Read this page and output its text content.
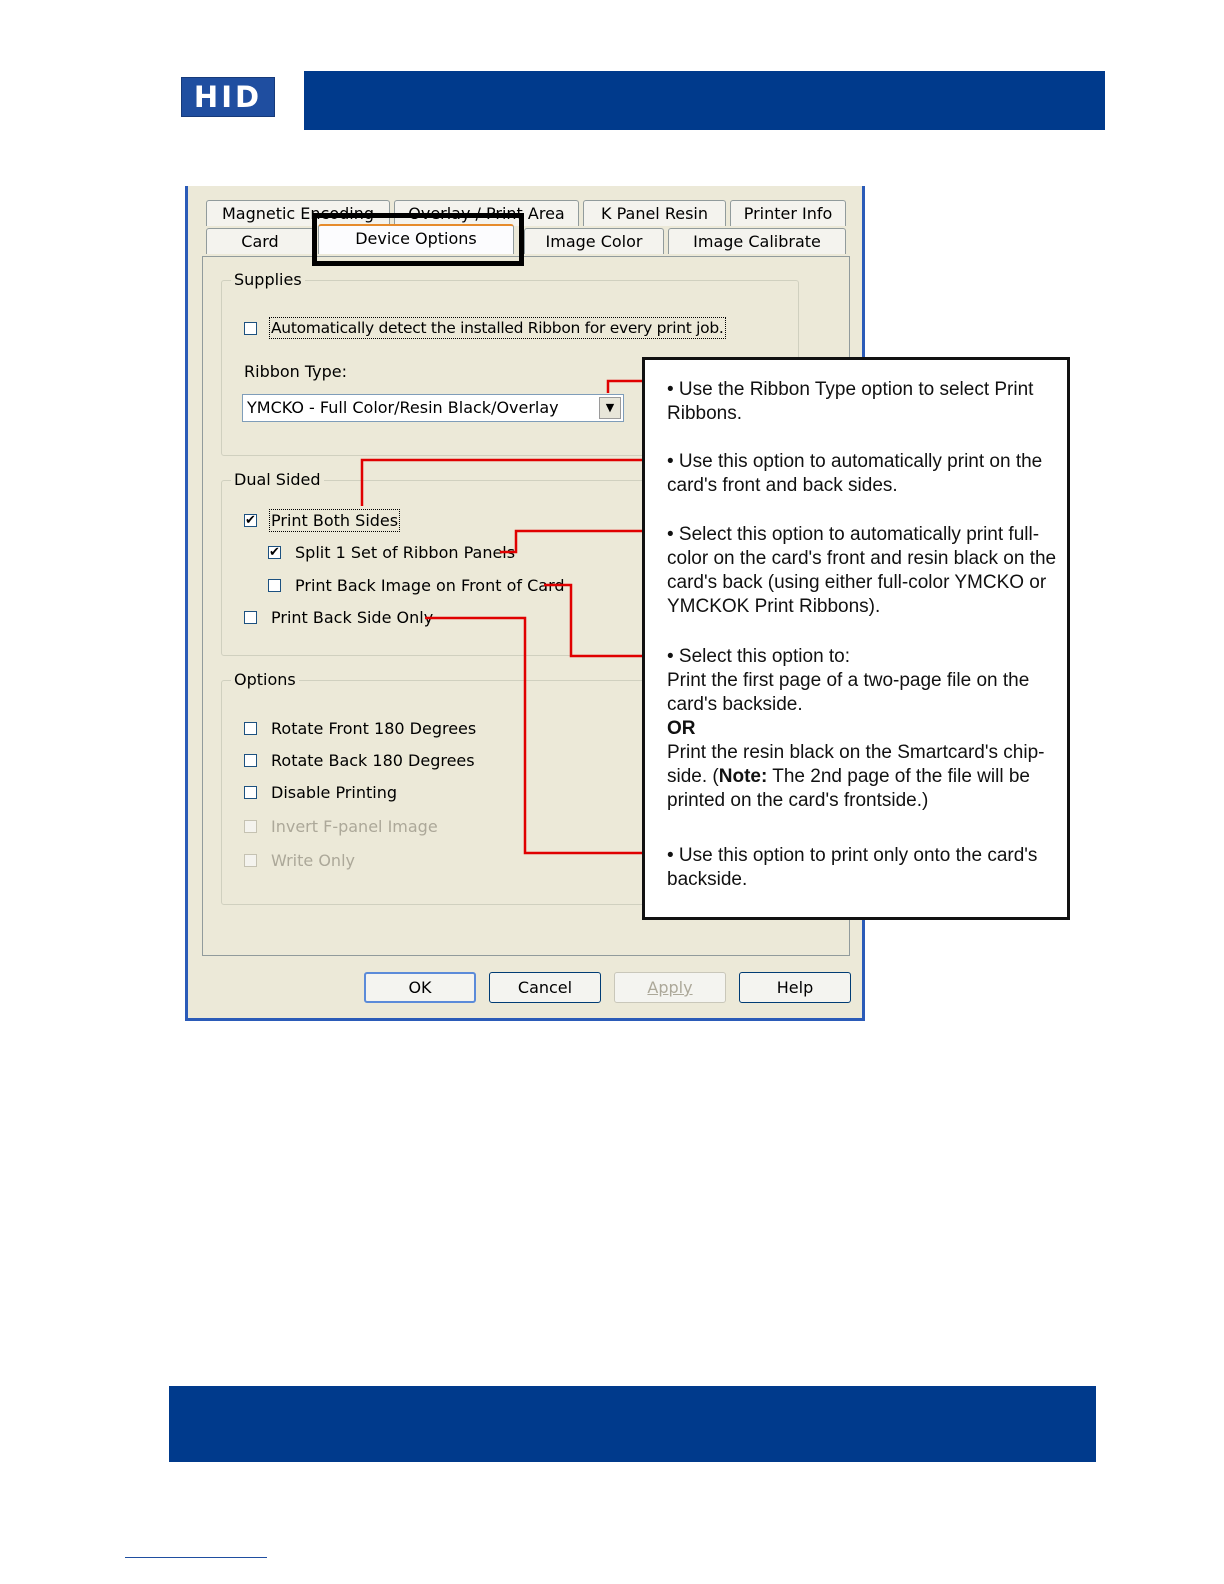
HID
Magnetic Encoding	Overlay / Print Area	K Panel Resin	Printer Info
Card	Device Options	Image Color	Image Calibrate
Supplies
Automatically detect the installed Ribbon for every print job.
Ribbon Type:
YMCKO - Full Color/Resin Black/Overlay	▼
Dual Sided
✔ Print Both Sides
✔ Split 1 Set of Ribbon Panels
Print Back Image on Front of Card
Print Back Side Only
Options
Rotate Front 180 Degrees
Rotate Back 180 Degrees
Disable Printing
Invert F-panel Image
Write Only
OK	Cancel	Apply	Help
• Use the Ribbon Type option to select Print Ribbons.
• Use this option to automatically print on the card's front and back sides.
• Select this option to automatically print full-color on the card's front and resin black on the card's back (using either full-color YMCKO or YMCKOK Print Ribbons).
• Select this option to:
Print the first page of a two-page file on the card's backside.
OR
Print the resin black on the Smartcard's chip-side. (Note: The 2nd page of the file will be printed on the card's frontside.)
• Use this option to print only onto the card's backside.
